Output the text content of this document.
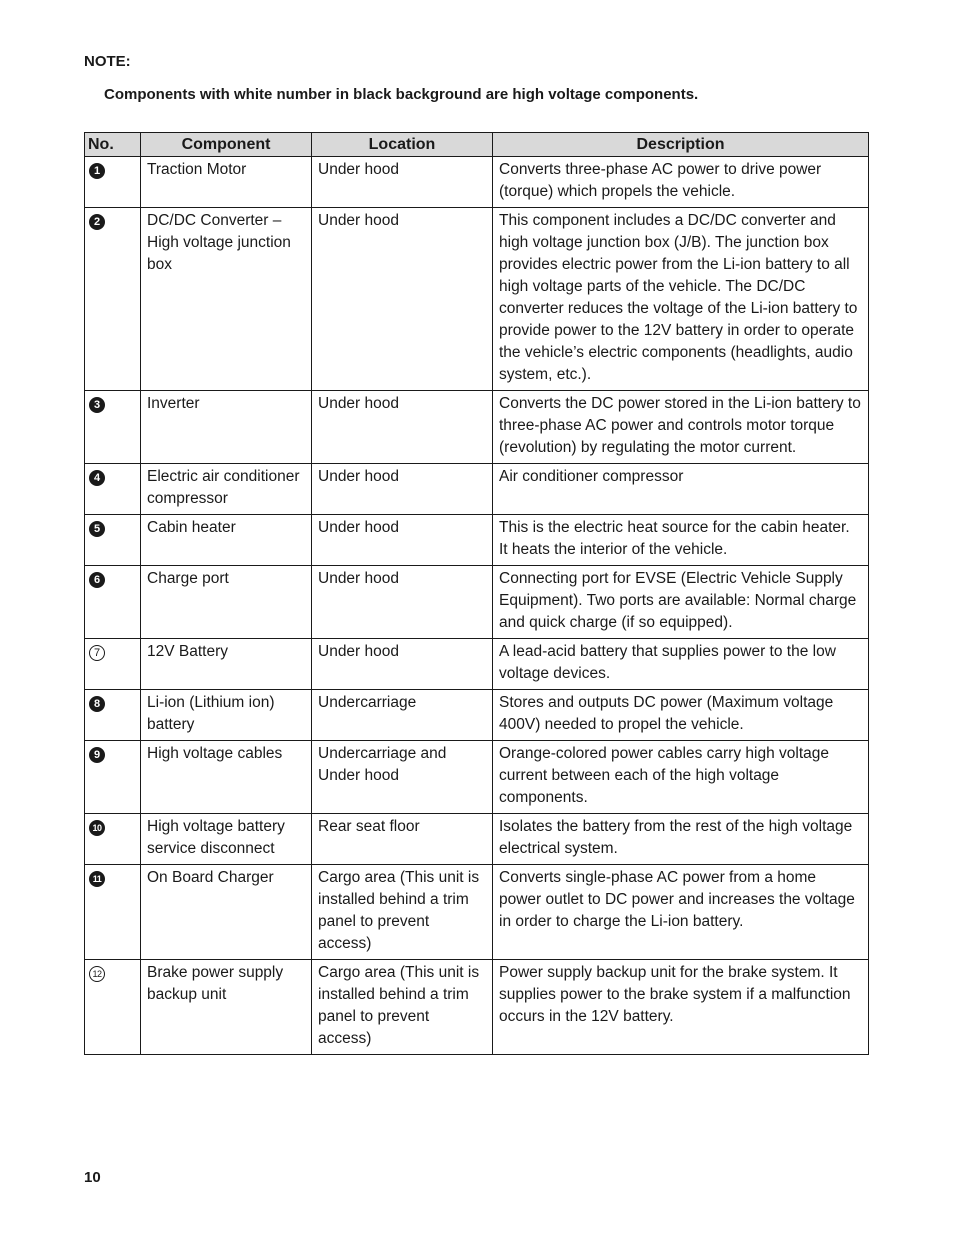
NOTE:
Components with white number in black background are high voltage components.
No.	Component	Location	Description
1	Traction Motor	Under hood	Converts three-phase AC power to drive power (torque) which propels the vehicle.
2	DC/DC Converter – High voltage junction box	Under hood	This component includes a DC/DC converter and high voltage junction box (J/B). The junction box provides electric power from the Li-ion battery to all high voltage parts of the vehicle. The DC/DC converter reduces the voltage of the Li-ion battery to provide power to the 12V battery in order to operate the vehicle’s electric components (headlights, audio system, etc.).
3	Inverter	Under hood	Converts the DC power stored in the Li-ion battery to three-phase AC power and controls motor torque (revolution) by regulating the motor current.
4	Electric air conditioner compressor	Under hood	Air conditioner compressor
5	Cabin heater	Under hood	This is the electric heat source for the cabin heater. It heats the interior of the vehicle.
6	Charge port	Under hood	Connecting port for EVSE (Electric Vehicle Supply Equipment). Two ports are available: Normal charge and quick charge (if so equipped).
7	12V Battery	Under hood	A lead-acid battery that supplies power to the low voltage devices.
8	Li-ion (Lithium ion) battery	Undercarriage	Stores and outputs DC power (Maximum voltage 400V) needed to propel the vehicle.
9	High voltage cables	Undercarriage and Under hood	Orange-colored power cables carry high voltage current between each of the high voltage components.
10	High voltage battery service disconnect	Rear seat floor	Isolates the battery from the rest of the high voltage electrical system.
11	On Board Charger	Cargo area (This unit is installed behind a trim panel to prevent access)	Converts single-phase AC power from a home power outlet to DC power and increases the voltage in order to charge the Li-ion battery.
12	Brake power supply backup unit	Cargo area (This unit is installed behind a trim panel to prevent access)	Power supply backup unit for the brake system. It supplies power to the brake system if a malfunction occurs in the 12V battery.
10
